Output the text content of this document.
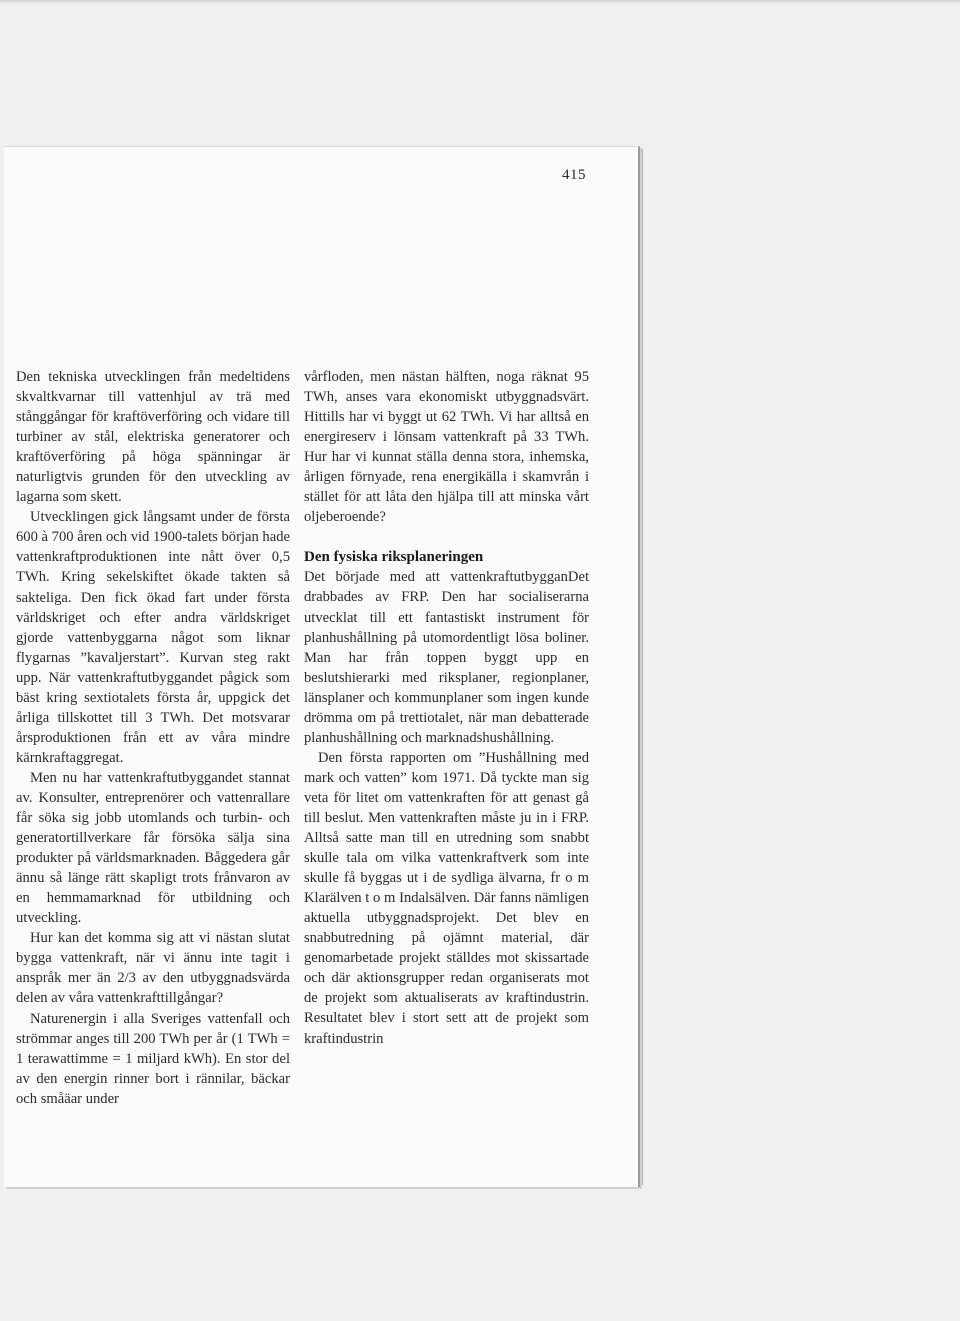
415

Den tekniska utvecklingen från medeltidens skvaltkvarnar till vattenhjul av trä med stånggångar för kraftöverföring och vidare till turbiner av stål, elektriska generatorer och kraftöverföring på höga spänningar är naturligtvis grunden för den utveckling av lagarna som skett.

Utvecklingen gick långsamt under de första 600 à 700 åren och vid 1900-talets början hade vattenkraftproduktionen inte nått över 0,5 TWh. Kring sekelskiftet ökade takten så sakteliga. Den fick ökad fart under första världskriget och efter andra världskriget gjorde vattenbyggarna något som liknar flygarnas ”kavaljerstart”. Kurvan steg rakt upp. När vattenkraftutbyggandet pågick som bäst kring sextiotalets första år, uppgick det årliga tillskottet till 3 TWh. Det motsvarar årsproduktionen från ett av våra mindre kärnkraftaggregat.

Men nu har vattenkraftutbyggandet stannat av. Konsulter, entreprenörer och vattenrallare får söka sig jobb utomlands och turbin- och generatortillverkare får försöka sälja sina produkter på världsmarknaden. Båggedera går ännu så länge rätt skapligt trots frånvaron av en hemmamarknad för utbildning och utveckling.

Hur kan det komma sig att vi nästan slutat bygga vattenkraft, när vi ännu inte tagit i anspråk mer än 2/3 av den utbyggnadsvärda delen av våra vattenkrafttillgångar?

Naturenergin i alla Sveriges vattenfall och strömmar anges till 200 TWh per år (1 TWh = 1 terawattimme = 1 miljard kWh). En stor del av den energin rinner bort i rännilar, bäckar och småäar under

vårfloden, men nästan hälften, noga räknat 95 TWh, anses vara ekonomiskt utbyggnadsvärt. Hittills har vi byggt ut 62 TWh. Vi har alltså en energireserv i lönsam vattenkraft på 33 TWh. Hur har vi kunnat ställa denna stora, inhemska, årligen förnyade, rena energikälla i skamvrån i stället för att låta den hjälpa till att minska vårt oljeberoende?

Den fysiska riksplaneringen

Det började med att vattenkraftutbygganDet drabbades av FRP. Den har socialiserarna utvecklat till ett fantastiskt instrument för planhushållning på utomordentligt lösa boliner. Man har från toppen byggt upp en beslutshierarki med riksplaner, regionplaner, länsplaner och kommunplaner som ingen kunde drömma om på trettiotalet, när man debatterade planhushållning och marknadshushållning.

Den första rapporten om ”Hushållning med mark och vatten” kom 1971. Då tyckte man sig veta för litet om vattenkraften för att genast gå till beslut. Men vattenkraften måste ju in i FRP. Alltså satte man till en utredning som snabbt skulle tala om vilka vattenkraftverk som inte skulle få byggas ut i de sydliga älvarna, fr o m Klarälven t o m Indalsälven. Där fanns nämligen aktuella utbyggnadsprojekt. Det blev en snabbutredning på ojämnt material, där genomarbetade projekt ställdes mot skissartade och där aktionsgrupper redan organiserats mot de projekt som aktualiserats av kraftindustrin. Resultatet blev i stort sett att de projekt som kraftindustrin
